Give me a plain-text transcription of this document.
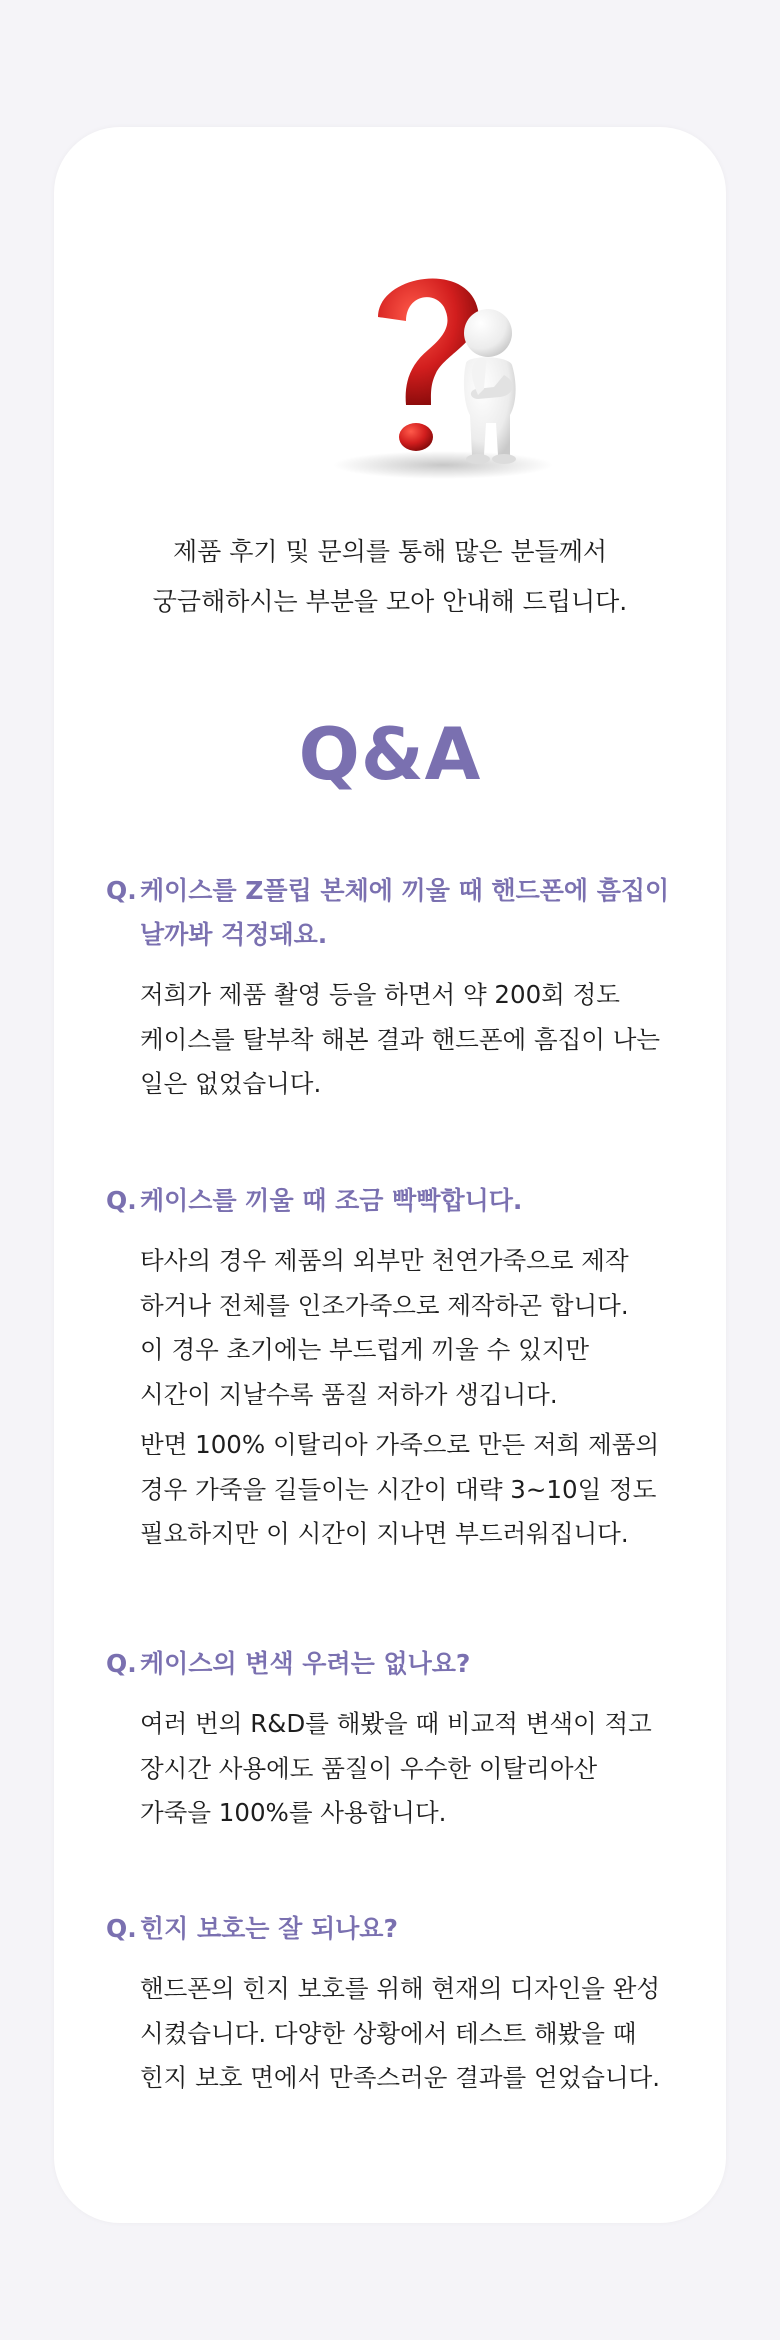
제품 후기 및 문의를 통해 많은 분들께서

궁금해하시는 부분을 모아 안내해 드립니다.

Q&A
Q. 케이스를 Z플립 본체에 끼울 때 핸드폰에 흠집이 날까봐 걱정돼요.

저희가 제품 촬영 등을 하면서 약 200회 정도

케이스를 탈부착 해본 결과 핸드폰에 흠집이 나는

일은 없었습니다.

Q. 케이스를 끼울 때 조금 빡빡합니다.

타사의 경우 제품의 외부만 천연가죽으로 제작

하거나 전체를 인조가죽으로 제작하곤 합니다.

이 경우 초기에는 부드럽게 끼울 수 있지만

시간이 지날수록 품질 저하가 생깁니다.

반면 100% 이탈리아 가죽으로 만든 저희 제품의

경우 가죽을 길들이는 시간이 대략 3~10일 정도

필요하지만 이 시간이 지나면 부드러워집니다.

Q. 케이스의 변색 우려는 없나요?

여러 번의 R&D를 해봤을 때 비교적 변색이 적고

장시간 사용에도 품질이 우수한 이탈리아산

가죽을 100%를 사용합니다.

Q. 힌지 보호는 잘 되나요?

핸드폰의 힌지 보호를 위해 현재의 디자인을 완성

시켰습니다. 다양한 상황에서 테스트 해봤을 때

힌지 보호 면에서 만족스러운 결과를 얻었습니다.
